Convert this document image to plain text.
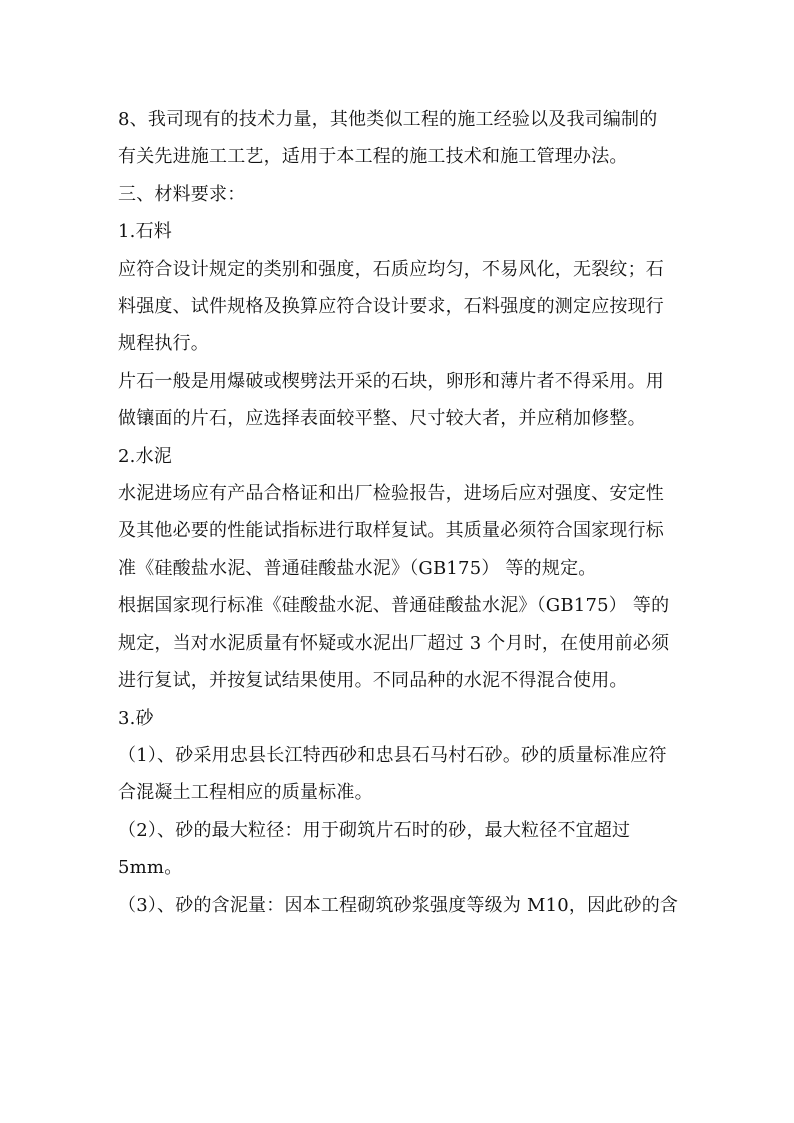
8、我司现有的技术力量，其他类似工程的施工经验以及我司编制的
有关先进施工工艺，适用于本工程的施工技术和施工管理办法。

三、材料要求：

1.石料

应符合设计规定的类别和强度，石质应均匀，不易风化，无裂纹；石
料强度、试件规格及换算应符合设计要求，石料强度的测定应按现行
规程执行。

片石一般是用爆破或楔劈法开采的石块，卵形和薄片者不得采用。用
做镶面的片石，应选择表面较平整、尺寸较大者，并应稍加修整。

2.水泥

水泥进场应有产品合格证和出厂检验报告，进场后应对强度、安定性
及其他必要的性能试指标进行取样复试。其质量必须符合国家现行标
准《硅酸盐水泥、普通硅酸盐水泥》（GB175） 等的规定。

根据国家现行标准《硅酸盐水泥、普通硅酸盐水泥》（GB175） 等的
规定，当对水泥质量有怀疑或水泥出厂超过 3 个月时，在使用前必须
进行复试，并按复试结果使用。不同品种的水泥不得混合使用。

3.砂

（1）、砂采用忠县长江特西砂和忠县石马村石砂。砂的质量标准应符
合混凝土工程相应的质量标准。

（2）、砂的最大粒径：用于砌筑片石时的砂，最大粒径不宜超过
5mm。

（3）、砂的含泥量：因本工程砌筑砂浆强度等级为 M10，因此砂的含
